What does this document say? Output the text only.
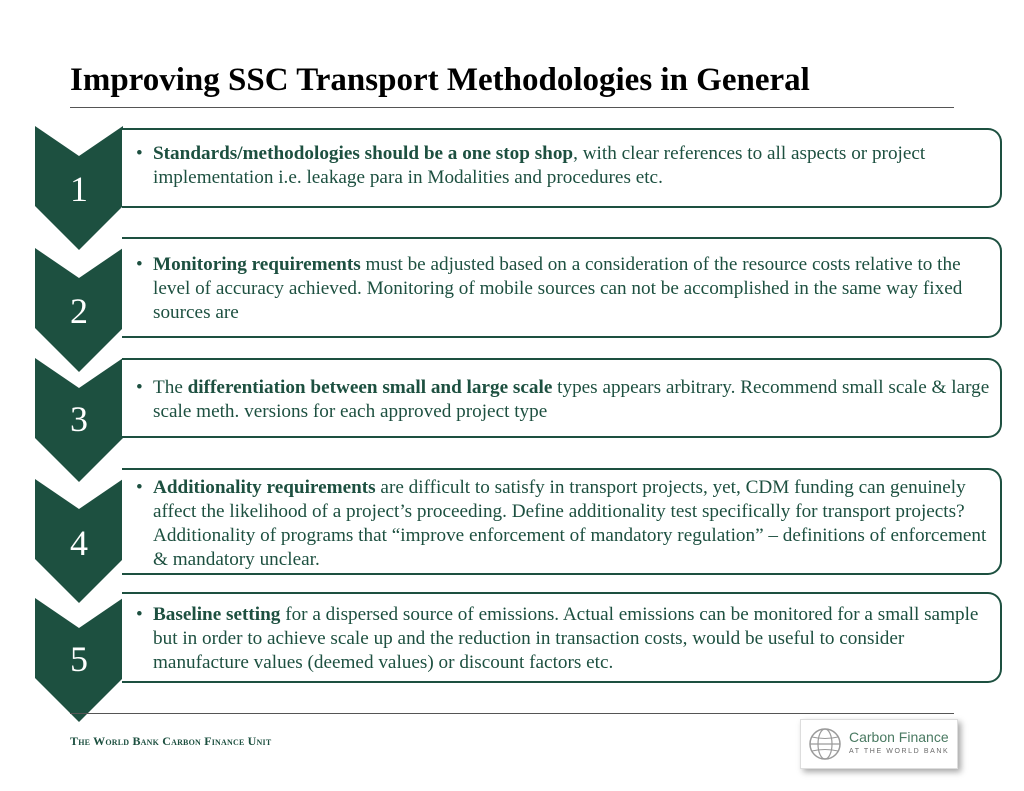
Improving SSC Transport Methodologies in General
1
• Standards/methodologies should be a one stop shop, with clear references to all aspects or project implementation i.e. leakage para in Modalities and procedures etc.
2
• Monitoring requirements must be adjusted based on a consideration of the resource costs relative to the level of accuracy achieved. Monitoring of mobile sources can not be accomplished in the same way fixed sources are
3
• The differentiation between small and large scale types appears arbitrary. Recommend small scale & large scale meth. versions for each approved project type
4
• Additionality requirements are difficult to satisfy in transport projects, yet, CDM funding can genuinely affect the likelihood of a project’s proceeding. Define additionality test specifically for transport projects? Additionality of programs that “improve enforcement of mandatory regulation” – definitions of enforcement & mandatory unclear.
5
• Baseline setting for a dispersed source of emissions. Actual emissions can be monitored for a small sample but in order to achieve scale up and the reduction in transaction costs, would be useful to consider manufacture values (deemed values) or discount factors etc.
The World Bank Carbon Finance Unit	Carbon Finance
AT THE WORLD BANK
